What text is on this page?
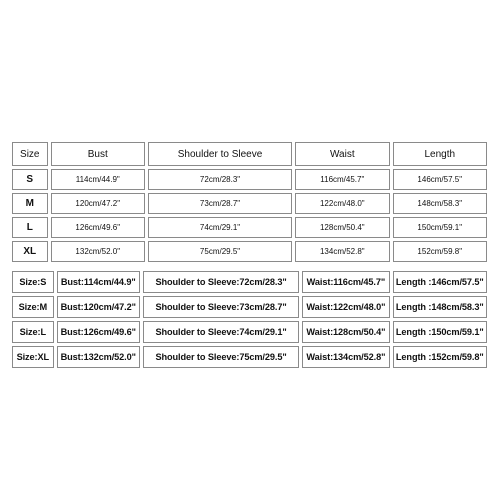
Size	Bust	Shoulder to Sleeve	Waist	Length
S	114cm/44.9"	72cm/28.3"	116cm/45.7"	146cm/57.5"
M	120cm/47.2"	73cm/28.7"	122cm/48.0"	148cm/58.3"
L	126cm/49.6"	74cm/29.1"	128cm/50.4"	150cm/59.1"
XL	132cm/52.0"	75cm/29.5"	134cm/52.8"	152cm/59.8"
Size:S	Bust:114cm/44.9"	Shoulder to Sleeve:72cm/28.3"	Waist:116cm/45.7"	Length :146cm/57.5"
Size:M	Bust:120cm/47.2"	Shoulder to Sleeve:73cm/28.7"	Waist:122cm/48.0"	Length :148cm/58.3"
Size:L	Bust:126cm/49.6"	Shoulder to Sleeve:74cm/29.1"	Waist:128cm/50.4"	Length :150cm/59.1"
Size:XL	Bust:132cm/52.0"	Shoulder to Sleeve:75cm/29.5"	Waist:134cm/52.8"	Length :152cm/59.8"
